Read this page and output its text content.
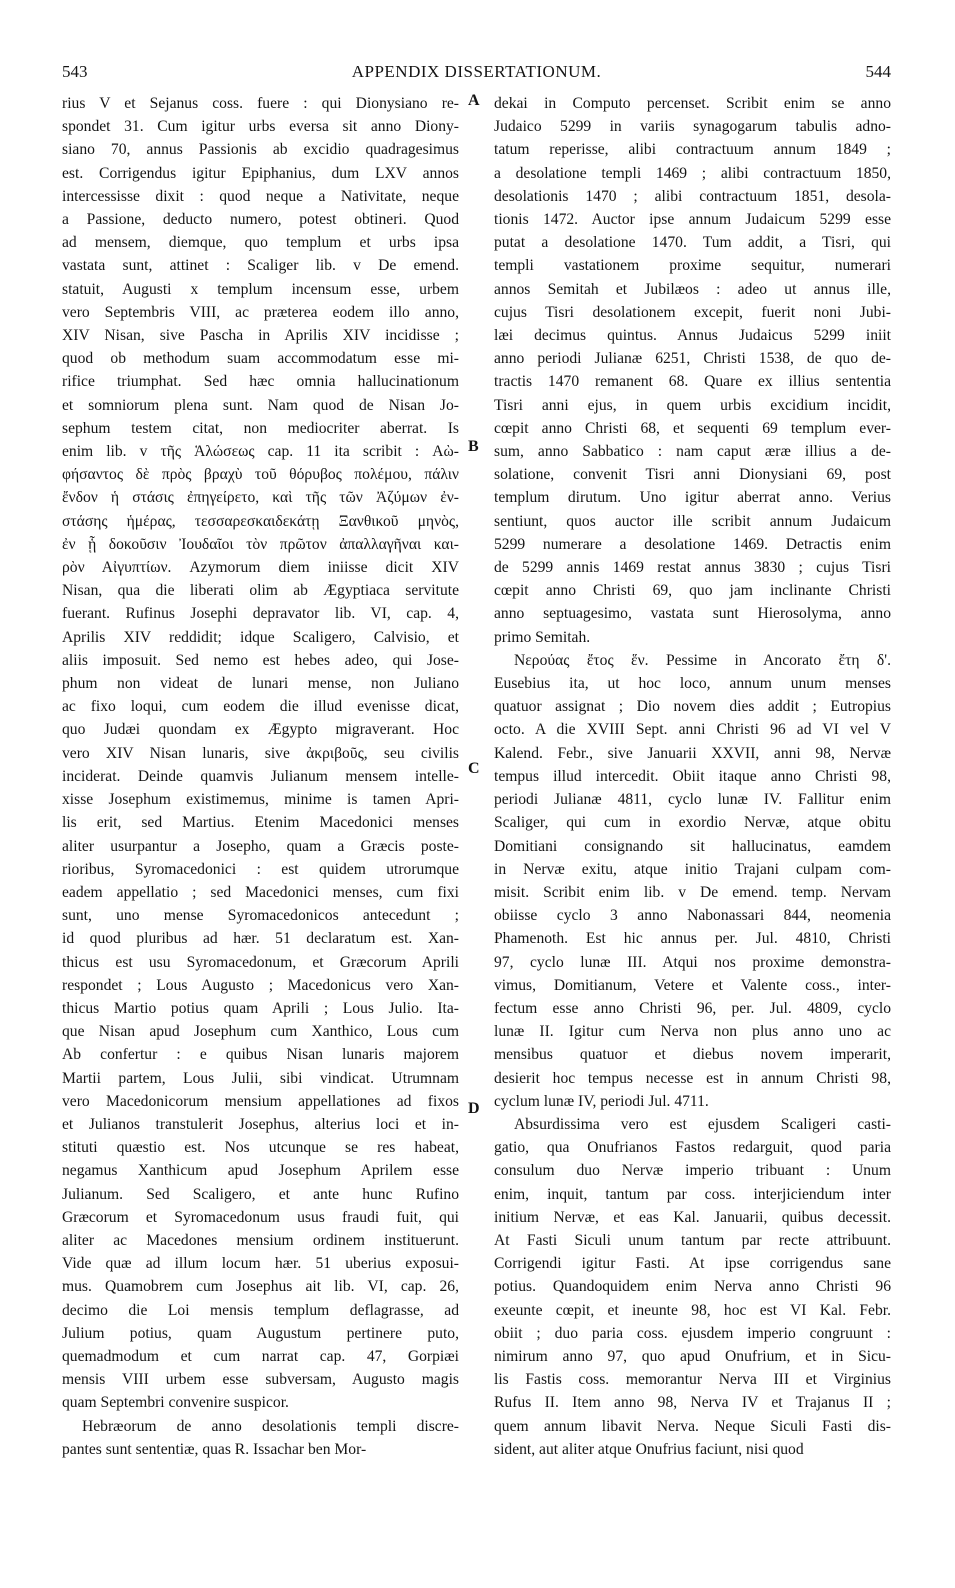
543	APPENDIX DISSERTATIONUM.	544

rius V et Sejanus coss. fuere : qui Dionysiano re-
spondet 31. Cum igitur urbs eversa sit anno Diony-
siano 70, annus Passionis ab excidio quadragesimus
est. Corrigendus igitur Epiphanius, dum LXV annos
intercessisse dixit : quod neque a Nativitate, neque
a Passione, deducto numero, potest obtineri. Quod
ad mensem, diemque, quo templum et urbs ipsa
vastata sunt, attinet : Scaliger lib. v De emend.
statuit, Augusti x templum incensum esse, urbem
vero Septembris VIII, ac præterea eodem illo anno,
XIV Nisan, sive Pascha in Aprilis XIV incidisse ;
quod ob methodum suam accommodatum esse mi-
rifice triumphat. Sed hæc omnia hallucinationum
et somniorum plena sunt. Nam quod de Nisan Jo-
sephum testem citat, non mediocriter aberrat. Is
enim lib. v τῆς Ἁλώσεως cap. 11 ita scribit : Αὼ-
φήσαντος δὲ πρὸς βραχὺ τοῦ θόρυβος πολέμου, πάλιν
ἔνδον ἡ στάσις ἐπηγείρετο, καὶ τῆς τῶν Ἀζύμων ἐν-
στάσης ἡμέρας, τεσσαρεσκαιδεκάτῃ Ξανθικοῦ μηνὸς,
ἐν ᾗ δοκοῦσιν Ἰουδαῖοι τὸν πρῶτον ἀπαλλαγῆναι και-
ρὸν Αἰγυπτίων. Azymorum diem iniisse dicit XIV
Nisan, qua die liberati olim ab Ægyptiaca servitute
fuerant. Rufinus Josephi depravator lib. VI, cap. 4,
Aprilis XIV reddidit; idque Scaligero, Calvisio, et
aliis imposuit. Sed nemo est hebes adeo, qui Jose-
phum non videat de lunari mense, non Juliano
ac fixo loqui, cum eodem die illud evenisse dicat,
quo Judæi quondam ex Ægypto migraverant. Hoc
vero XIV Nisan lunaris, sive ἀκριβοῦς, seu civilis
inciderat. Deinde quamvis Julianum mensem intelle-
xisse Josephum existimemus, minime is tamen Apri-
lis erit, sed Martius. Etenim Macedonici menses
aliter usurpantur a Josepho, quam a Græcis poste-
rioribus, Syromacedonici : est quidem utrorumque
eadem appellatio ; sed Macedonici menses, cum fixi
sunt, uno mense Syromacedonicos antecedunt ;
id quod pluribus ad hær. 51 declaratum est. Xan-
thicus est usu Syromacedonum, et Græcorum Aprili
respondet ; Lous Augusto ; Macedonicus vero Xan-
thicus Martio potius quam Aprili ; Lous Julio. Ita-
que Nisan apud Josephum cum Xanthico, Lous cum
Ab confertur : e quibus Nisan lunaris majorem
Martii partem, Lous Julii, sibi vindicat. Utrumnam
vero Macedonicorum mensium appellationes ad fixos
et Julianos transtulerit Josephus, alterius loci et in-
stituti quæstio est. Nos utcunque se res habeat,
negamus Xanthicum apud Josephum Aprilem esse
Julianum. Sed Scaligero, et ante hunc Rufino
Græcorum et Syromacedonum usus fraudi fuit, qui
aliter ac Macedones mensium ordinem instituerunt.
Vide quæ ad illum locum hær. 51 uberius exposui-
mus. Quamobrem cum Josephus ait lib. VI, cap. 26,
decimo die Loi mensis templum deflagrasse, ad
Julium potius, quam Augustum pertinere puto,
quemadmodum et cum narrat cap. 47, Gorpiæi
mensis VIII urbem esse subversam, Augusto magis
quam Septembri convenire suspicor.

Hebræorum de anno desolationis templi discre-
pantes sunt sententiæ, quas R. Issachar ben Mor-

dekai in Computo percenset. Scribit enim se anno
Judaico 5299 in variis synagogarum tabulis adno-
tatum reperisse, alibi contractuum annum 1849 ;
a desolatione templi 1469 ; alibi contractuum 1850,
desolationis 1470 ; alibi contractuum 1851, desola-
tionis 1472. Auctor ipse annum Judaicum 5299 esse
putat a desolatione 1470. Tum addit, a Tisri, qui
templi vastationem proxime sequitur, numerari
annos Semitah et Jubilæos : adeo ut annus ille,
cujus Tisri desolationem excepit, fuerit noni Jubi-
læi decimus quintus. Annus Judaicus 5299 iniit
anno periodi Julianæ 6251, Christi 1538, de quo de-
tractis 1470 remanent 68. Quare ex illius sententia
Tisri anni ejus, in quem urbis excidium incidit,
cœpit anno Christi 68, et sequenti 69 templum ever-
sum, anno Sabbatico : nam caput æræ illius a de-
solatione, convenit Tisri anni Dionysiani 69, post
templum dirutum. Uno igitur aberrat anno. Verius
sentiunt, quos auctor ille scribit annum Judaicum
5299 numerare a desolatione 1469. Detractis enim
de 5299 annis 1469 restat annus 3830 ; cujus Tisri
cœpit anno Christi 69, quo jam inclinante Christi
anno septuagesimo, vastata sunt Hierosolyma, anno
primo Semitah.

Νερούας ἔτος ἕν. Pessime in Ancorato ἔτη δ'.
Eusebius ita, ut hoc loco, annum unum menses
quatuor assignat ; Dio novem dies addit ; Eutropius
octo. A die XVIII Sept. anni Christi 96 ad VI vel V
Kalend. Febr., sive Januarii XXVII, anni 98, Nervæ
tempus illud intercedit. Obiit itaque anno Christi 98,
periodi Julianæ 4811, cyclo lunæ IV. Fallitur enim
Scaliger, qui cum in exordio Nervæ, atque obitu
Domitiani consignando sit hallucinatus, eamdem
in Nervæ exitu, atque initio Trajani culpam com-
misit. Scribit enim lib. v De emend. temp. Nervam
obiisse cyclo 3 anno Nabonassari 844, neomenia
Phamenoth. Est hic annus per. Jul. 4810, Christi
97, cyclo lunæ III. Atqui nos proxime demonstra-
vimus, Domitianum, Vetere et Valente coss., inter-
fectum esse anno Christi 96, per. Jul. 4809, cyclo
lunæ II. Igitur cum Nerva non plus anno uno ac
mensibus quatuor et diebus novem imperarit,
desierit hoc tempus necesse est in annum Christi 98,
cyclum lunæ IV, periodi Jul. 4711.

Absurdissima vero est ejusdem Scaligeri casti-
gatio, qua Onufrianos Fastos redarguit, quod paria
consulum duo Nervæ imperio tribuant : Unum
enim, inquit, tantum par coss. interjiciendum inter
initium Nervæ, et eas Kal. Januarii, quibus decessit.
At Fasti Siculi unum tantum par recte attribuunt.
Corrigendi igitur Fasti. At ipse corrigendus sane
potius. Quandoquidem enim Nerva anno Christi 96
exeunte cœpit, et ineunte 98, hoc est VI Kal. Febr.
obiit ; duo paria coss. ejusdem imperio congruunt :
nimirum anno 97, quo apud Onufrium, et in Sicu-
lis Fastis coss. memorantur Nerva III et Virginius
Rufus II. Item anno 98, Nerva IV et Trajanus II ;
quem annum libavit Nerva. Neque Siculi Fasti dis-
sident, aut aliter atque Onufrius faciunt, nisi quod

A
B
C
D
